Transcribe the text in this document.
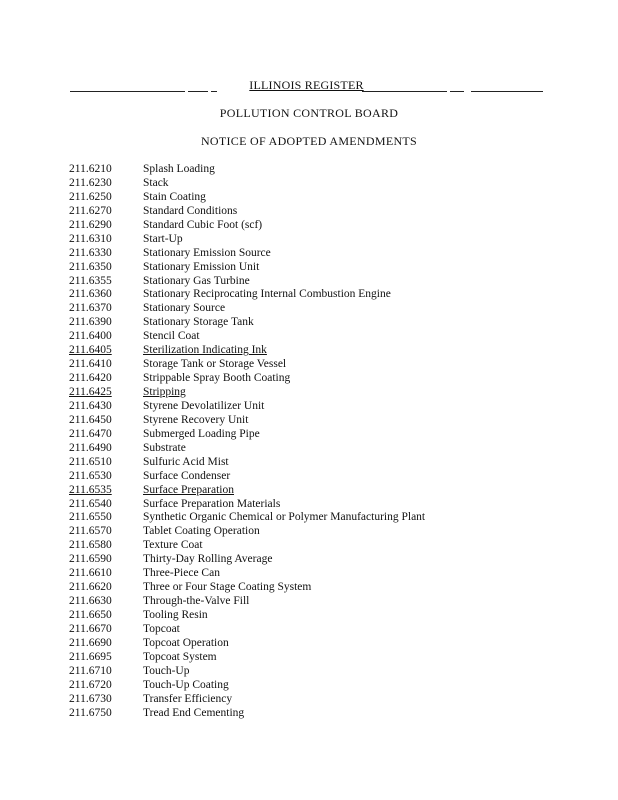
ILLINOIS REGISTER
POLLUTION CONTROL BOARD
NOTICE OF ADOPTED AMENDMENTS
211.6210	Splash Loading
211.6230	Stack
211.6250	Stain Coating
211.6270	Standard Conditions
211.6290	Standard Cubic Foot (scf)
211.6310	Start-Up
211.6330	Stationary Emission Source
211.6350	Stationary Emission Unit
211.6355	Stationary Gas Turbine
211.6360	Stationary Reciprocating Internal Combustion Engine
211.6370	Stationary Source
211.6390	Stationary Storage Tank
211.6400	Stencil Coat
211.6405	Sterilization Indicating Ink
211.6410	Storage Tank or Storage Vessel
211.6420	Strippable Spray Booth Coating
211.6425	Stripping
211.6430	Styrene Devolatilizer Unit
211.6450	Styrene Recovery Unit
211.6470	Submerged Loading Pipe
211.6490	Substrate
211.6510	Sulfuric Acid Mist
211.6530	Surface Condenser
211.6535	Surface Preparation
211.6540	Surface Preparation Materials
211.6550	Synthetic Organic Chemical or Polymer Manufacturing Plant
211.6570	Tablet Coating Operation
211.6580	Texture Coat
211.6590	Thirty-Day Rolling Average
211.6610	Three-Piece Can
211.6620	Three or Four Stage Coating System
211.6630	Through-the-Valve Fill
211.6650	Tooling Resin
211.6670	Topcoat
211.6690	Topcoat Operation
211.6695	Topcoat System
211.6710	Touch-Up
211.6720	Touch-Up Coating
211.6730	Transfer Efficiency
211.6750	Tread End Cementing
